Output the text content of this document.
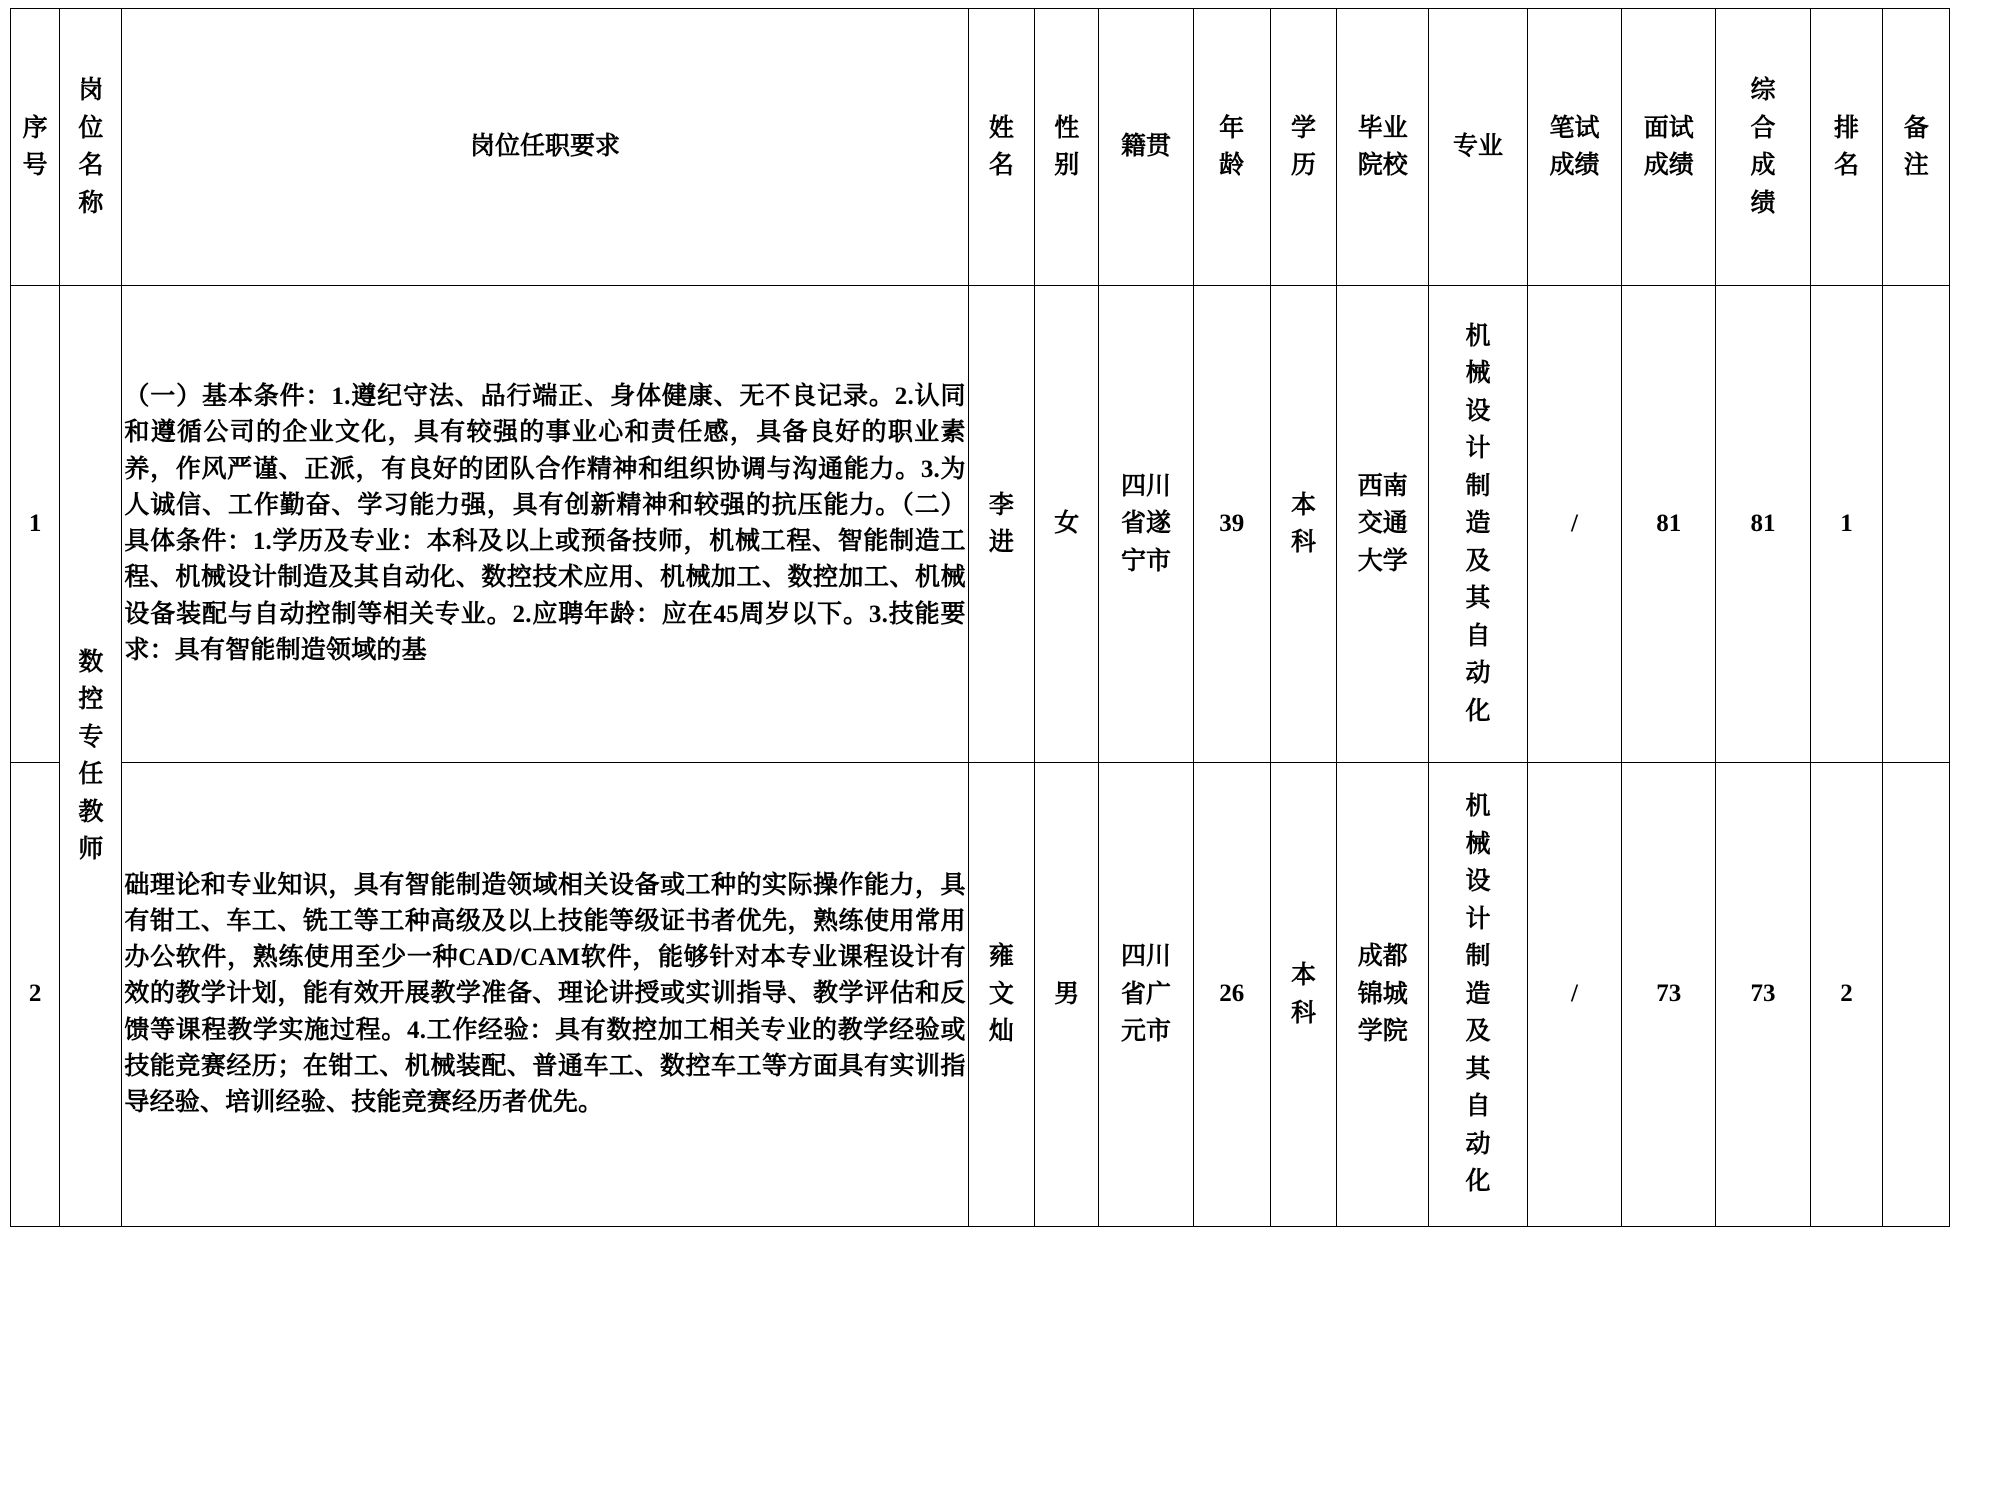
序号	岗位名称	岗位任职要求	姓名	性别	籍贯	年龄	学历	毕业院校	专业	笔试成绩	面试成绩	综合成绩	排名	备注
1	数控专任教师	（一）基本条件：1.遵纪守法、品行端正、身体健康、无不良记录。2.认同和遵循公司的企业文化，具有较强的事业心和责任感，具备良好的职业素养，作风严谨、正派，有良好的团队合作精神和组织协调与沟通能力。3.为人诚信、工作勤奋、学习能力强，具有创新精神和较强的抗压能力。（二）具体条件：1.学历及专业：本科及以上或预备技师，机械工程、智能制造工程、机械设计制造及其自动化、数控技术应用、机械加工、数控加工、机械设备装配与自动控制等相关专业。2.应聘年龄：应在45周岁以下。3.技能要求：具有智能制造领域的基	李进	女	四川省遂宁市	39	本科	西南交通大学	机械设计制造及其自动化	/	81	81	1	
2		础理论和专业知识，具有智能制造领域相关设备或工种的实际操作能力，具有钳工、车工、铣工等工种高级及以上技能等级证书者优先，熟练使用常用办公软件，熟练使用至少一种CAD/CAM软件，能够针对本专业课程设计有效的教学计划，能有效开展教学准备、理论讲授或实训指导、教学评估和反馈等课程教学实施过程。4.工作经验：具有数控加工相关专业的教学经验或技能竞赛经历；在钳工、机械装配、普通车工、数控车工等方面具有实训指导经验、培训经验、技能竞赛经历者优先。	雍文灿	男	四川省广元市	26	本科	成都锦城学院	机械设计制造及其自动化	/	73	73	2	
